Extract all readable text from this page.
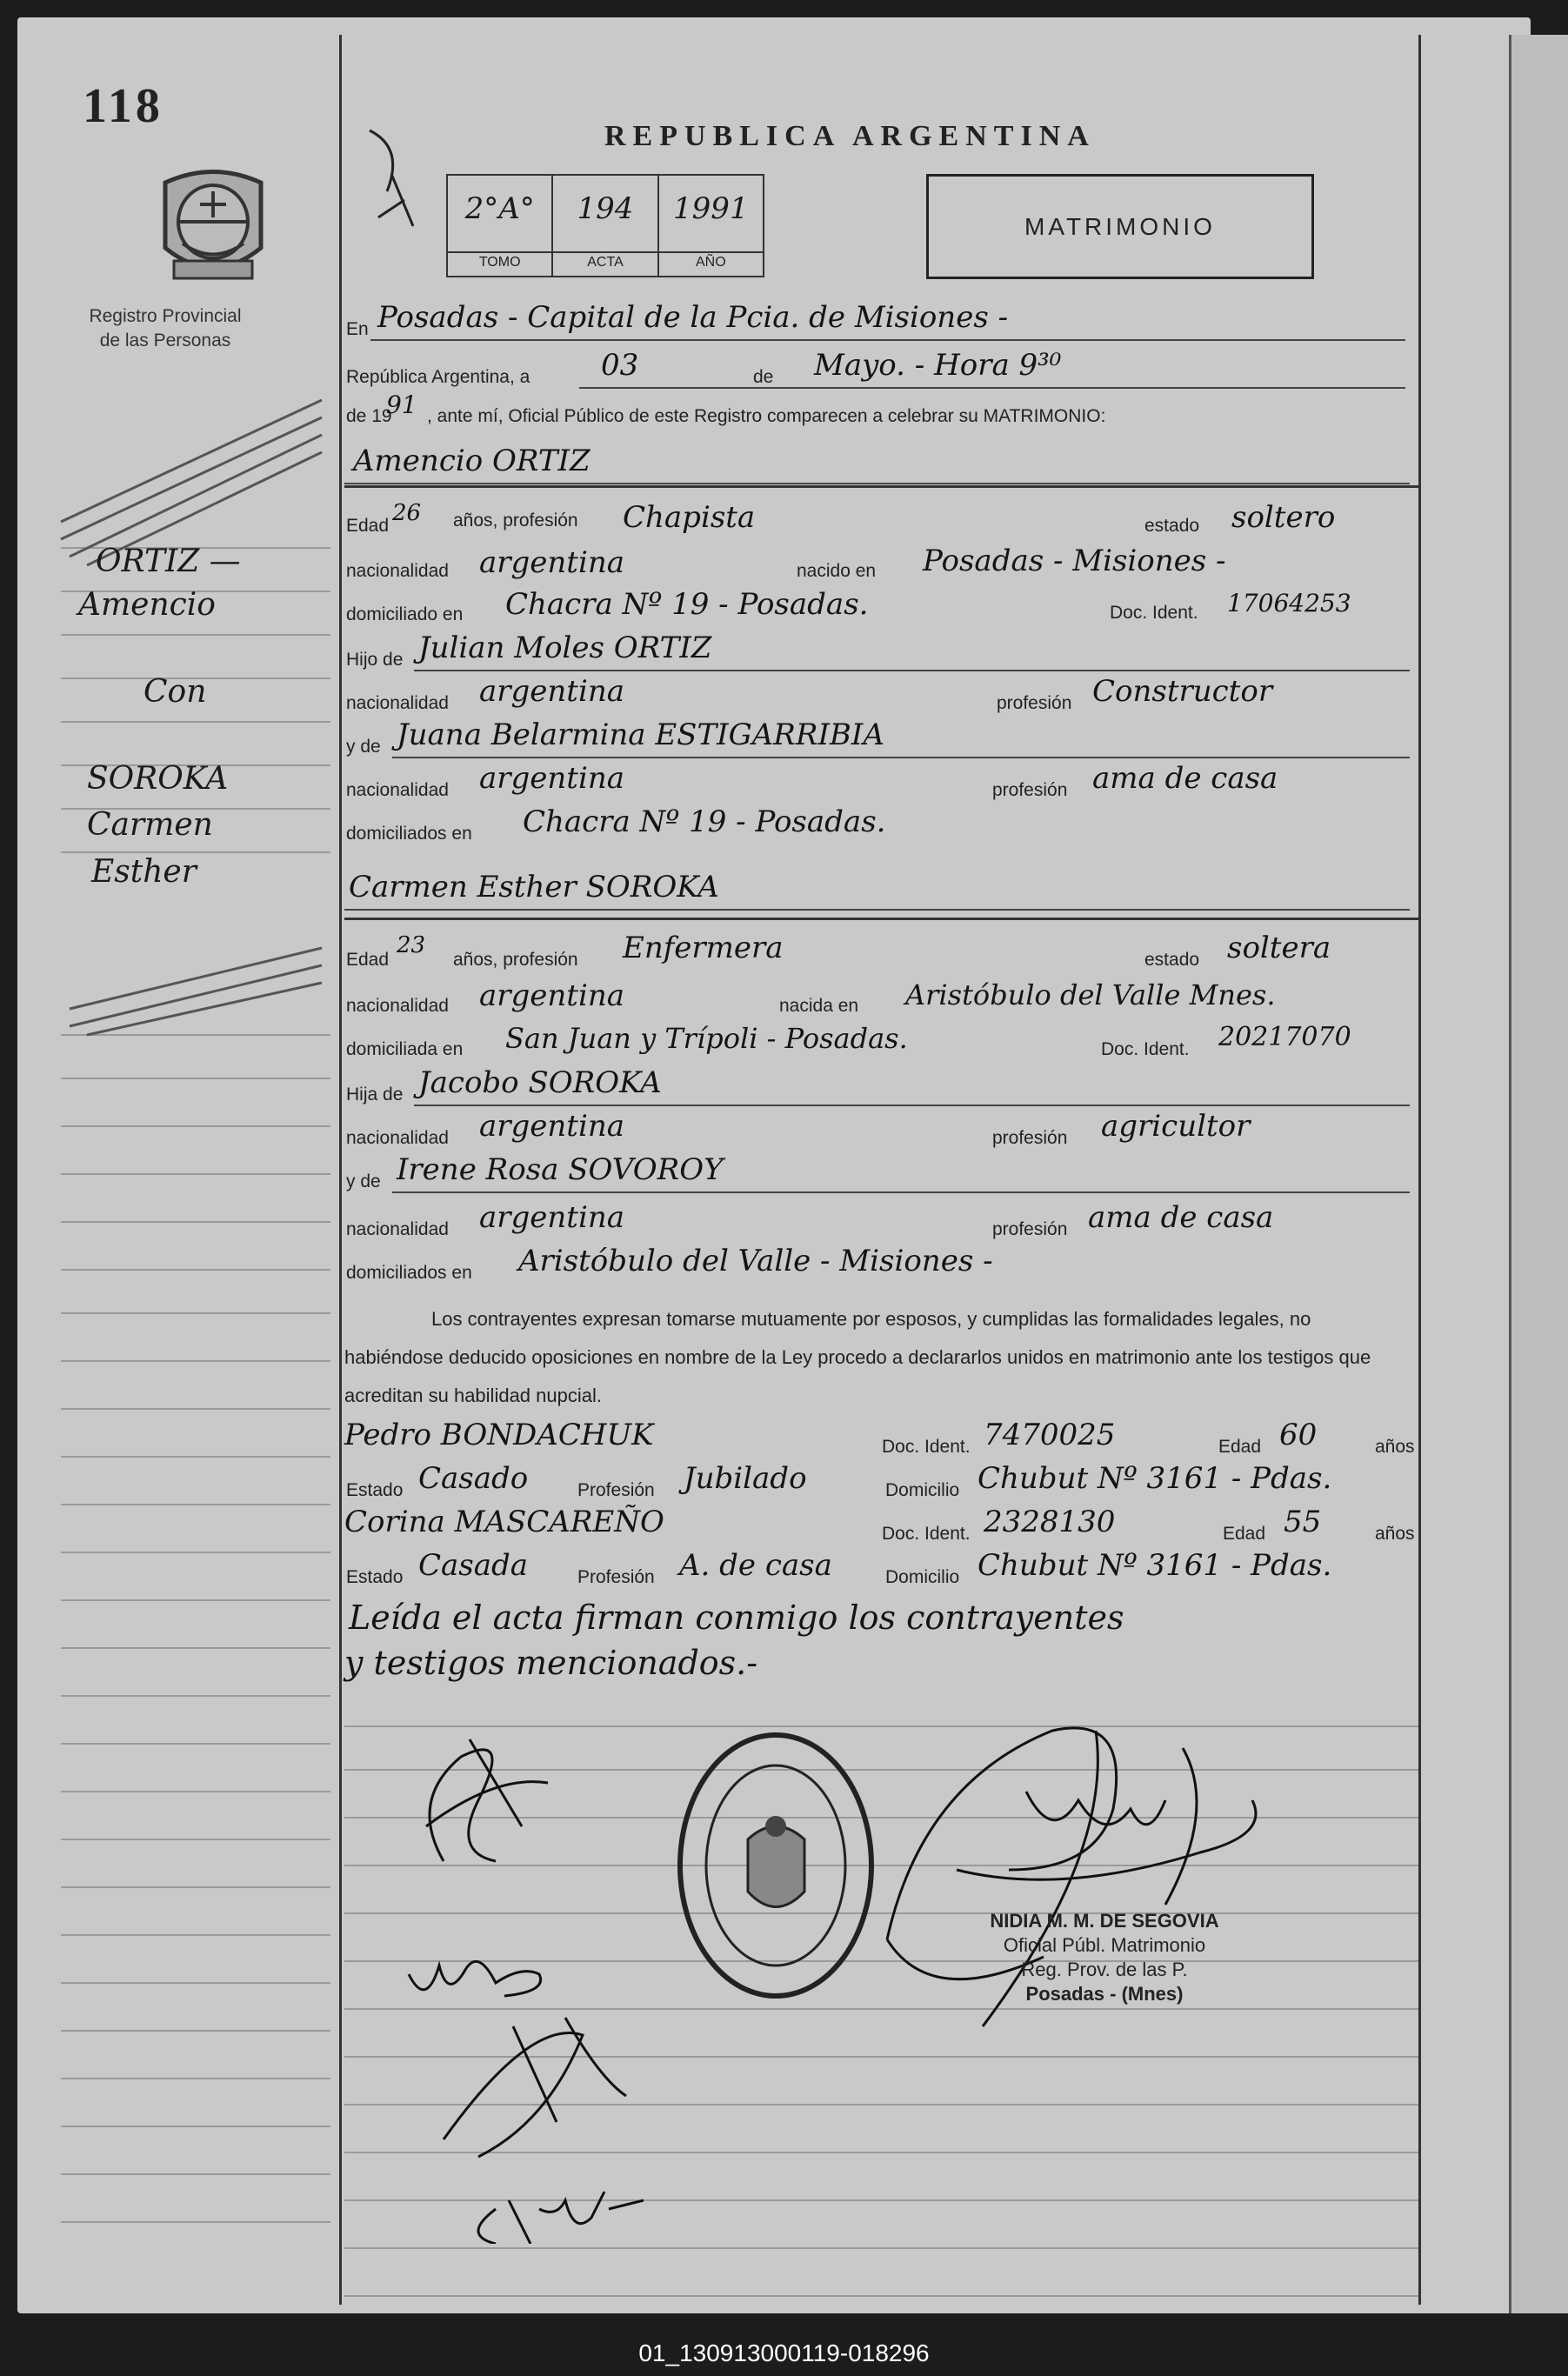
118
Registro Provincial
de las Personas
ORTIZ —
Amencio
Con
SOROKA
Carmen
Esther
REPUBLICA ARGENTINA
2°A°
TOMO
194
ACTA
1991
AÑO
MATRIMONIO
En Posadas - Capital de la Pcia. de Misiones -
República Argentina, a 03	de Mayo. - Hora 9³⁰
de 19
91 , ante mí, Oficial Público de este Registro comparecen a celebrar su MATRIMONIO:
Amencio ORTIZ
Edad 26 años, profesión Chapista	estado soltero
nacionalidad argentina	nacido en Posadas - Misiones -
domiciliado en Chacra Nº 19 - Posadas.	Doc. Ident. 17064253
Hijo de Julian Moles ORTIZ
nacionalidad argentina	profesión Constructor
y de Juana Belarmina ESTIGARRIBIA
nacionalidad argentina	profesión ama de casa
domiciliados en Chacra Nº 19 - Posadas.
Carmen Esther SOROKA
Edad
23
años, profesión Enfermera	estado soltera
nacionalidad argentina	nacida en Aristóbulo del Valle Mnes.
domiciliada en San Juan y Trípoli - Posadas.	Doc. Ident. 20217070
Hija de Jacobo SOROKA
nacionalidad argentina	profesión agricultor
y de Irene Rosa SOVOROY
nacionalidad argentina	profesión ama de casa
domiciliados en Aristóbulo del Valle - Misiones -
Los contrayentes expresan tomarse mutuamente por esposos, y cumplidas las formalidades legales, no habiéndose deducido oposiciones en nombre de la Ley procedo a declararlos unidos en matrimonio ante los testigos que acreditan su habilidad nupcial.
Pedro BONDACHUK	Doc. Ident. 7470025	Edad 60	años
Estado Casado	Profesión Jubilado	Domicilio Chubut Nº 3161 - Pdas.
Corina MASCAREÑO	Doc. Ident. 2328130	Edad 55	años
Estado Casada	Profesión A. de casa	Domicilio Chubut Nº 3161 - Pdas.
Leída el acta firman conmigo los contrayentes
y testigos mencionados.-
NIDIA M. M. DE SEGOVIA
Oficial Públ. Matrimonio
Reg. Prov. de las P.
Posadas - (Mnes)
01_130913000119-018296
